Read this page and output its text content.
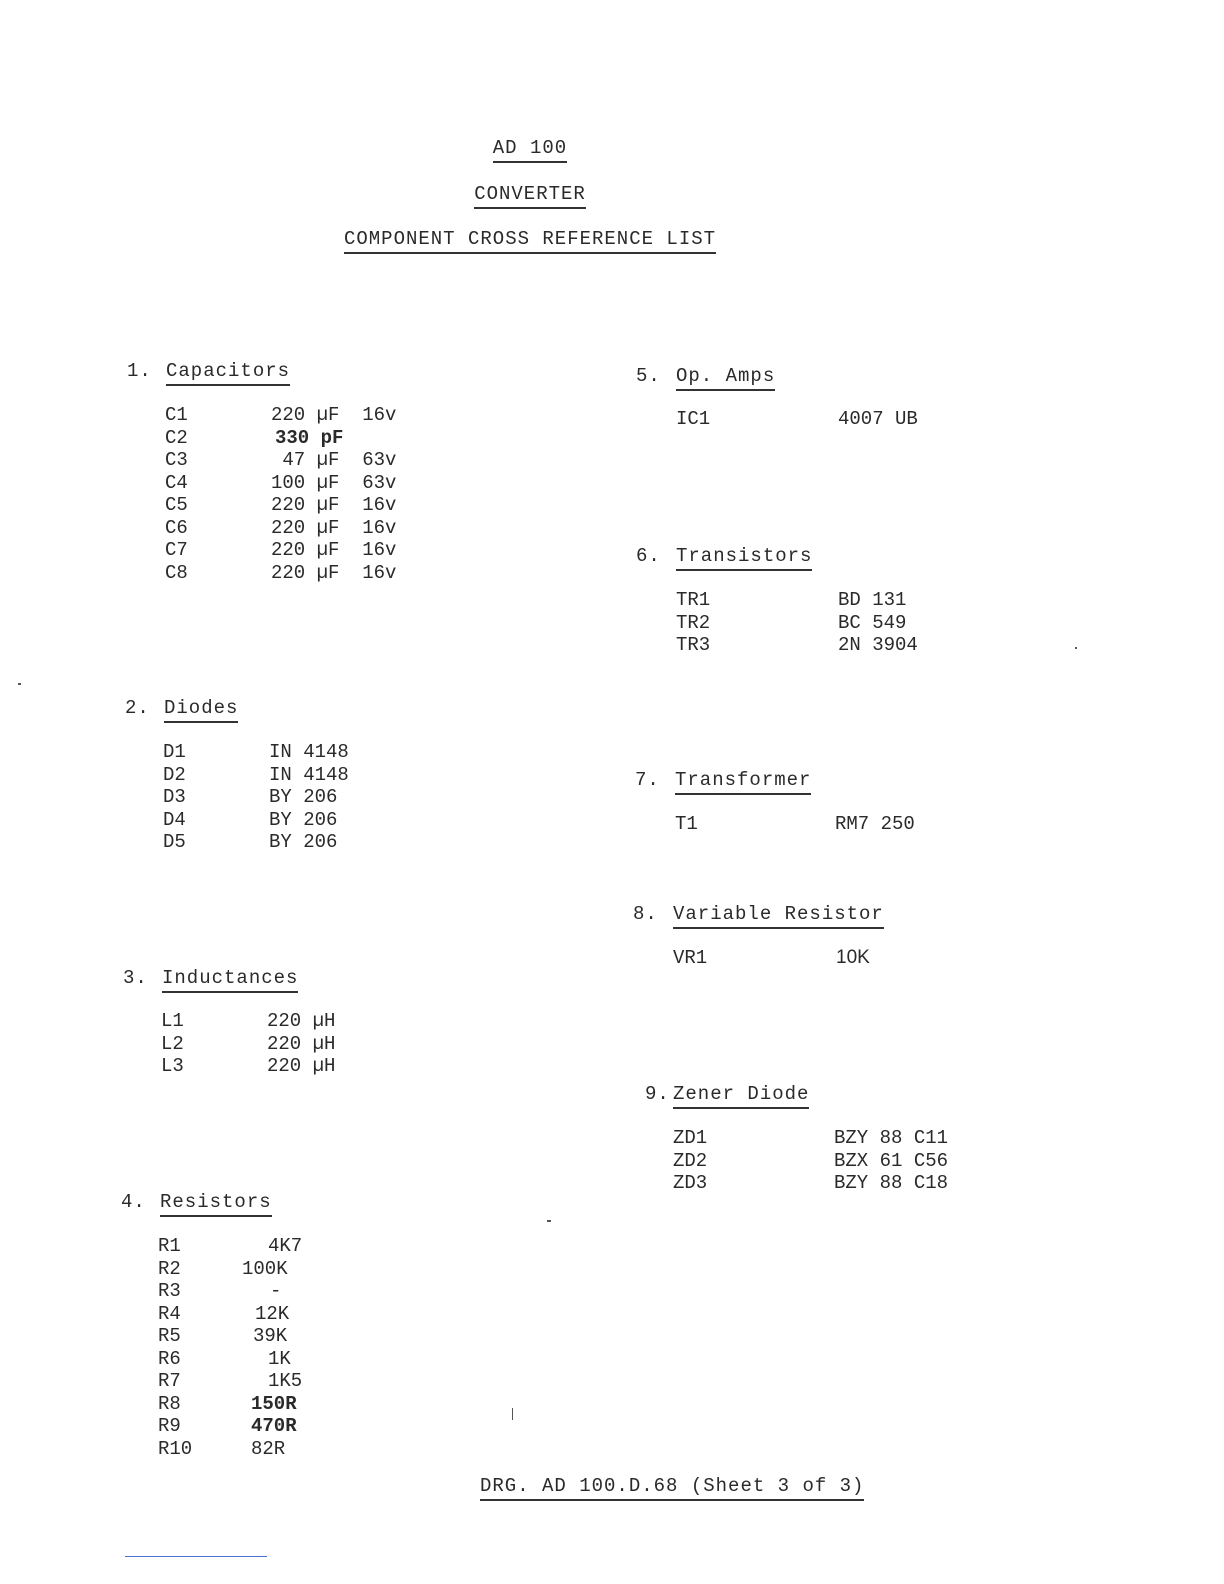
AD 100
CONVERTER
COMPONENT CROSS REFERENCE LIST
1. Capacitors
C1	220 µF  16v
C2	330 pF
C3	47 µF  63v
C4	100 µF  63v
C5	220 µF  16v
C6	220 µF  16v
C7	220 µF  16v
C8	220 µF  16v
2. Diodes
D1	IN 4148
D2	IN 4148
D3	BY 206
D4	BY 206
D5	BY 206
3. Inductances
L1	220 µH
L2	220 µH
L3	220 µH
4. Resistors
R1	4K7
R2	100K
R3	-
R4	12K
R5	39K
R6	1K
R7	1K5
R8	150R
R9	470R
R10	82R
5. Op. Amps
IC1	4007 UB
6. Transistors
TR1	BD 131
TR2	BC 549
TR3	2N 3904
7. Transformer
T1	RM7 250
8. Variable Resistor
VR1	10K
9. Zener Diode
ZD1	BZY 88 C11
ZD2	BZX 61 C56
ZD3	BZY 88 C18
DRG. AD 100.D.68 (Sheet 3 of 3)
